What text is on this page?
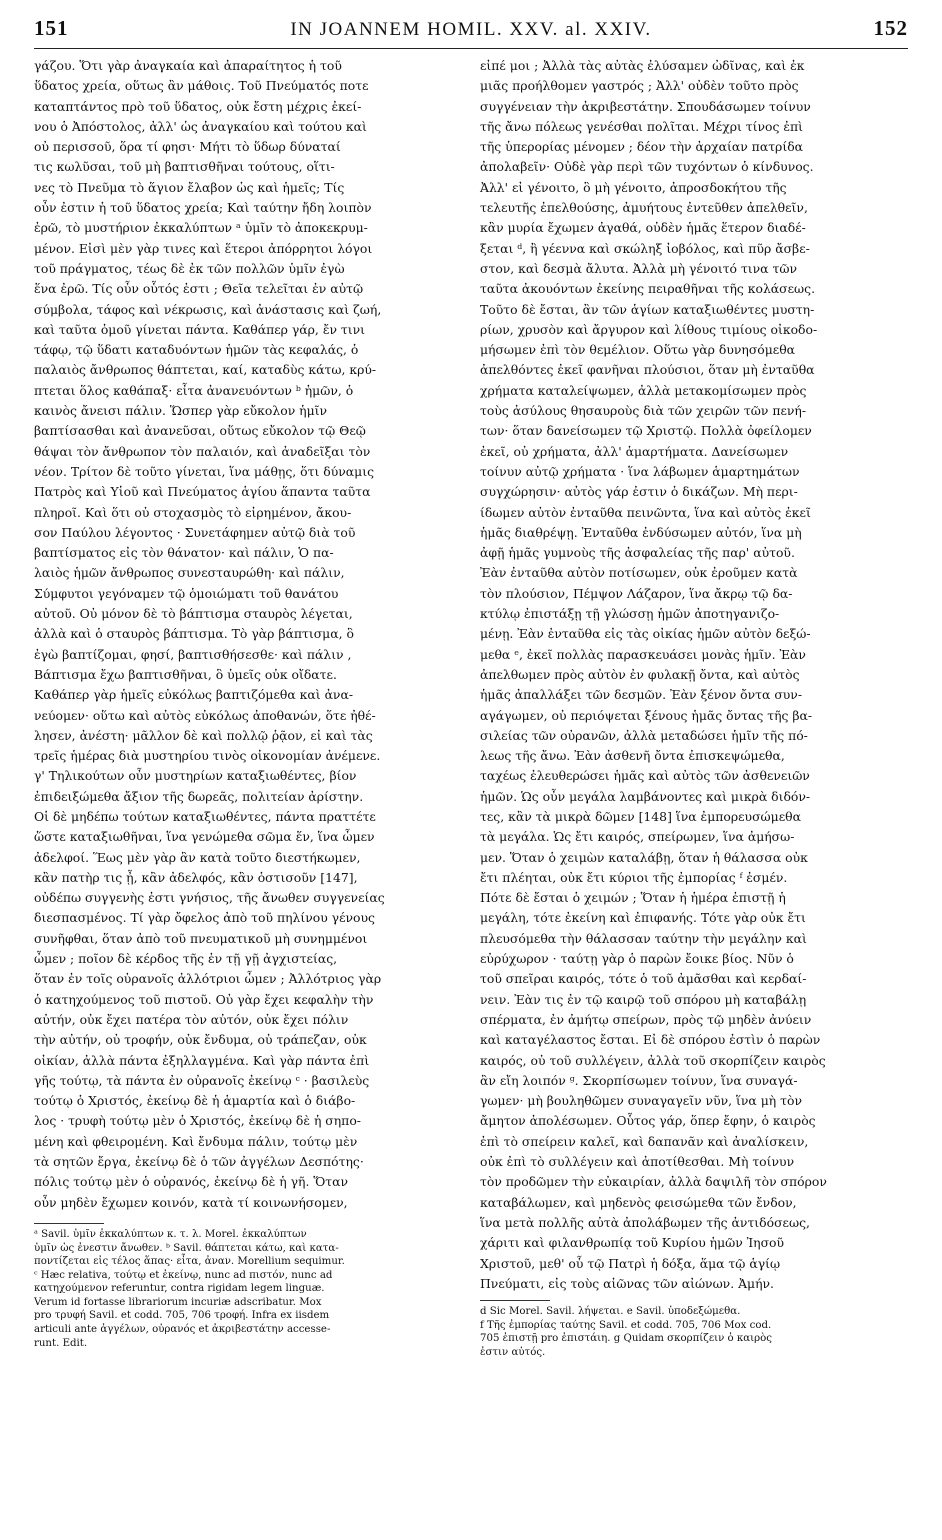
151	IN JOANNEM HOMIL. XXV. al. XXIV.	152

γάζου. Ὅτι γὰρ ἀναγκαία καὶ ἀπαραίτητος ἡ τοῦ
ὕδατος χρεία, οὕτως ἂν μάθοις. Τοῦ Πνεύματός ποτε
καταπτάντος πρὸ τοῦ ὕδατος, οὐκ ἔστη μέχρις ἐκεί-
νου ὁ Ἀπόστολος, ἀλλ' ὡς ἀναγκαίου καὶ τούτου καὶ
οὐ περισσοῦ, ὅρα τί φησι· Μήτι τὸ ὕδωρ δύναταί
τις κωλῦσαι, τοῦ μὴ βαπτισθῆναι τούτους, οἵτι-
νες τὸ Πνεῦμα τὸ ἅγιον ἔλαβον ὡς καὶ ἡμεῖς; Τίς
οὖν ἐστιν ἡ τοῦ ὕδατος χρεία; Καὶ ταύτην ἤδη λοιπὸν
ἐρῶ, τὸ μυστήριον ἐκκαλύπτων ᵃ ὑμῖν τὸ ἀποκεκρυμ-
μένον. Εἰσὶ μὲν γὰρ τινες καὶ ἕτεροι ἀπόρρητοι λόγοι
τοῦ πράγματος, τέως δὲ ἐκ τῶν πολλῶν ὑμῖν ἐγὼ
ἕνα ἐρῶ. Τίς οὖν οὗτός ἐστι ; Θεῖα τελεῖται ἐν αὐτῷ
σύμβολα, τάφος καὶ νέκρωσις, καὶ ἀνάστασις καὶ ζωή,
καὶ ταῦτα ὁμοῦ γίνεται πάντα. Καθάπερ γάρ, ἔν τινι
τάφῳ, τῷ ὕδατι καταδυόντων ἡμῶν τὰς κεφαλάς, ὁ
παλαιὸς ἄνθρωπος θάπτεται, καί, καταδὺς κάτω, κρύ-
πτεται ὅλος καθάπαξ· εἶτα ἀνανευόντων ᵇ ἡμῶν, ὁ
καινὸς ἄνεισι πάλιν. Ὥσπερ γὰρ εὔκολον ἡμῖν
βαπτίσασθαι καὶ ἀνανεῦσαι, οὕτως εὔκολον τῷ Θεῷ
θάψαι τὸν ἄνθρωπον τὸν παλαιόν, καὶ ἀναδεῖξαι τὸν
νέον. Τρίτον δὲ τοῦτο γίνεται, ἵνα μάθῃς, ὅτι δύναμις
Πατρὸς καὶ Υἱοῦ καὶ Πνεύματος ἁγίου ἅπαντα ταῦτα
πληροῖ. Καὶ ὅτι οὐ στοχασμὸς τὸ εἰρημένον, ἄκου-
σον Παύλου λέγοντος · Συνετάφημεν αὐτῷ διὰ τοῦ
βαπτίσματος εἰς τὸν θάνατον· καὶ πάλιν, Ὁ πα-
λαιὸς ἡμῶν ἄνθρωπος συνεσταυρώθη· καὶ πάλιν,
Σύμφυτοι γεγόναμεν τῷ ὁμοιώματι τοῦ θανάτου
αὐτοῦ. Οὐ μόνον δὲ τὸ βάπτισμα σταυρὸς λέγεται,
ἀλλὰ καὶ ὁ σταυρὸς βάπτισμα. Τὸ γὰρ βάπτισμα, ὃ
ἐγὼ βαπτίζομαι, φησί, βαπτισθήσεσθε· καὶ πάλιν ,
Βάπτισμα ἔχω βαπτισθῆναι, ὃ ὑμεῖς οὐκ οἴδατε.
Καθάπερ γὰρ ἡμεῖς εὐκόλως βαπτιζόμεθα καὶ ἀνα-
νεύομεν· οὕτω καὶ αὐτὸς εὐκόλως ἀποθανών, ὅτε ἠθέ-
λησεν, ἀνέστη· μᾶλλον δὲ καὶ πολλῷ ῥᾷον, εἰ καὶ τὰς
τρεῖς ἡμέρας διὰ μυστηρίου τινὸς οἰκονομίαν ἀνέμενε.
γ' Τηλικούτων οὖν μυστηρίων καταξιωθέντες, βίον
ἐπιδειξώμεθα ἄξιον τῆς δωρεᾶς, πολιτείαν ἀρίστην.
Οἱ δὲ μηδέπω τούτων καταξιωθέντες, πάντα πραττέτε
ὥστε καταξιωθῆναι, ἵνα γενώμεθα σῶμα ἕν, ἵνα ὦμεν
ἀδελφοί. Ἕως μὲν γὰρ ἂν κατὰ τοῦτο διεστήκωμεν,
κἂν πατὴρ τις ᾖ, κἂν ἀδελφός, κἂν ὁστισοῦν [147],
οὐδέπω συγγενὴς ἐστι γνήσιος, τῆς ἄνωθεν συγγενείας
διεσπασμένος. Τί γὰρ ὄφελος ἀπὸ τοῦ πηλίνου γένους
συνῆφθαι, ὅταν ἀπὸ τοῦ πνευματικοῦ μὴ συνημμένοι
ὦμεν ; ποῖον δὲ κέρδος τῆς ἐν τῇ γῇ ἀγχιστείας,
ὅταν ἐν τοῖς οὐρανοῖς ἀλλότριοι ὦμεν ; Ἀλλότριος γὰρ
ὁ κατηχούμενος τοῦ πιστοῦ. Οὐ γὰρ ἔχει κεφαλὴν τὴν
αὐτήν, οὐκ ἔχει πατέρα τὸν αὐτόν, οὐκ ἔχει πόλιν
τὴν αὐτήν, οὐ τροφήν, οὐκ ἔνδυμα, οὐ τράπεζαν, οὐκ
οἰκίαν, ἀλλὰ πάντα ἐξηλλαγμένα. Καὶ γὰρ πάντα ἐπὶ
γῆς τούτῳ, τὰ πάντα ἐν οὐρανοῖς ἐκείνῳ ᶜ · βασιλεὺς
τούτῳ ὁ Χριστός, ἐκείνῳ δὲ ἡ ἁμαρτία καὶ ὁ διάβο-
λος · τρυφὴ τούτῳ μὲν ὁ Χριστός, ἐκείνῳ δὲ ἡ σηπο-
μένη καὶ φθειρομένη. Καὶ ἔνδυμα πάλιν, τούτῳ μὲν
τὰ σητῶν ἔργα, ἐκείνῳ δὲ ὁ τῶν ἀγγέλων Δεσπότης·
πόλις τούτῳ μὲν ὁ οὐρανός, ἐκείνῳ δὲ ἡ γῆ. Ὅταν
οὖν μηδὲν ἔχωμεν κοινόν, κατὰ τί κοινωνήσομεν,

ᵃ Savil. ὑμῖν ἐκκαλύπτων κ. τ. λ. Morel. ἐκκαλύπτων
ὑμῖν ὡς ἐνεστιν ἄνωθεν. ᵇ Savil. θάπτεται κάτω, καὶ κατα-
ποντίζεται εἰς τέλος ἅπας· εἶτα, ἀναν. Morellium sequimur.
ᶜ Hæc relativa, τούτῳ et ἐκείνῳ, nunc ad πιστόν, nunc ad
κατηχούμενον referuntur, contra rigidam legem linguæ.
Verum id fortasse librariorum incuriæ adscribatur. Mox
pro τρυφή Savil. et codd. 705, 706 τροφή. Infra ex iisdem
articuli ante ἀγγέλων, οὐρανός et ἀκριβεστάτην accesse-
runt. Edit.

εἰπέ μοι ; Ἀλλὰ τὰς αὐτὰς ἐλύσαμεν ὠδῖνας, καὶ ἐκ
μιᾶς προήλθομεν γαστρός ; Ἀλλ' οὐδὲν τοῦτο πρὸς
συγγένειαν τὴν ἀκριβεστάτην. Σπουδάσωμεν τοίνυν
τῆς ἄνω πόλεως γενέσθαι πολῖται. Μέχρι τίνος ἐπὶ
τῆς ὑπερορίας μένομεν ; δέον τὴν ἀρχαίαν πατρίδα
ἀπολαβεῖν· Οὐδὲ γὰρ περὶ τῶν τυχόντων ὁ κίνδυνος.
Ἀλλ' εἰ γένοιτο, ὃ μὴ γένοιτο, ἀπροσδοκήτου τῆς
τελευτῆς ἐπελθούσης, ἀμυήτους ἐντεῦθεν ἀπελθεῖν,
κἂν μυρία ἔχωμεν ἀγαθά, οὐδὲν ἡμᾶς ἕτερον διαδέ-
ξεται ᵈ, ἢ γέεννα καὶ σκώληξ ἰοβόλος, καὶ πῦρ ἄσβε-
στον, καὶ δεσμὰ ἄλυτα. Ἀλλὰ μὴ γένοιτό τινα τῶν
ταῦτα ἀκουόντων ἐκείνης πειραθῆναι τῆς κολάσεως.
Τοῦτο δὲ ἔσται, ἂν τῶν ἁγίων καταξιωθέντες μυστη-
ρίων, χρυσὸν καὶ ἄργυρον καὶ λίθους τιμίους οἰκοδο-
μήσωμεν ἐπὶ τὸν θεμέλιον. Οὕτω γὰρ δυνησόμεθα
ἀπελθόντες ἐκεῖ φανῆναι πλούσιοι, ὅταν μὴ ἐνταῦθα
χρήματα καταλείψωμεν, ἀλλὰ μετακομίσωμεν πρὸς
τοὺς ἀσύλους θησαυροὺς διὰ τῶν χειρῶν τῶν πενή-
των· ὅταν δανείσωμεν τῷ Χριστῷ. Πολλὰ ὀφείλομεν
ἐκεῖ, οὐ χρήματα, ἀλλ' ἁμαρτήματα. Δανείσωμεν
τοίνυν αὐτῷ χρήματα · ἵνα λάβωμεν ἁμαρτημάτων
συγχώρησιν· αὐτὸς γάρ ἐστιν ὁ δικάζων. Μὴ περι-
ίδωμεν αὐτὸν ἐνταῦθα πεινῶντα, ἵνα καὶ αὐτὸς ἐκεῖ
ἡμᾶς διαθρέψῃ. Ἐνταῦθα ἐνδύσωμεν αὐτόν, ἵνα μὴ
ἀφῇ ἡμᾶς γυμνοὺς τῆς ἀσφαλείας τῆς παρ' αὐτοῦ.
Ἐὰν ἐνταῦθα αὐτὸν ποτίσωμεν, οὐκ ἐροῦμεν κατὰ
τὸν πλούσιον, Πέμψον Λάζαρον, ἵνα ἄκρῳ τῷ δα-
κτύλῳ ἐπιστάξῃ τῇ γλώσσῃ ἡμῶν ἀποτηγανιζο-
μένῃ. Ἐὰν ἐνταῦθα εἰς τὰς οἰκίας ἡμῶν αὐτὸν δεξώ-
μεθα ᵉ, ἐκεῖ πολλὰς παρασκευάσει μονὰς ἡμῖν. Ἐὰν
ἀπελθωμεν πρὸς αὐτὸν ἐν φυλακῇ ὄντα, καὶ αὐτὸς
ἡμᾶς ἀπαλλάξει τῶν δεσμῶν. Ἐὰν ξένον ὄντα συν-
αγάγωμεν, οὐ περιόψεται ξένους ἡμᾶς ὄντας τῆς βα-
σιλείας τῶν οὐρανῶν, ἀλλὰ μεταδώσει ἡμῖν τῆς πό-
λεως τῆς ἄνω. Ἐὰν ἀσθενῆ ὄντα ἐπισκεψώμεθα,
ταχέως ἐλευθερώσει ἡμᾶς καὶ αὐτὸς τῶν ἀσθενειῶν
ἡμῶν. Ὡς οὖν μεγάλα λαμβάνοντες καὶ μικρὰ διδόν-
τες, κἂν τὰ μικρὰ δῶμεν [148] ἵνα ἐμπορευσώμεθα
τὰ μεγάλα. Ὡς ἔτι καιρός, σπείρωμεν, ἵνα ἀμήσω-
μεν. Ὅταν ὁ χειμὼν καταλάβῃ, ὅταν ἡ θάλασσα οὐκ
ἔτι πλέηται, οὐκ ἔτι κύριοι τῆς ἐμπορίας ᶠ ἐσμέν.
Πότε δὲ ἔσται ὁ χειμών ; Ὅταν ἡ ἡμέρα ἐπιστῇ ἡ
μεγάλη, τότε ἐκείνη καὶ ἐπιφανής. Τότε γὰρ οὐκ ἔτι
πλευσόμεθα τὴν θάλασσαν ταύτην τὴν μεγάλην καὶ
εὐρύχωρον · ταύτῃ γὰρ ὁ παρὼν ἔοικε βίος. Νῦν ὁ
τοῦ σπεῖραι καιρός, τότε ὁ τοῦ ἀμᾶσθαι καὶ κερδαί-
νειν. Ἐὰν τις ἐν τῷ καιρῷ τοῦ σπόρου μὴ καταβάλῃ
σπέρματα, ἐν ἀμήτῳ σπείρων, πρὸς τῷ μηδὲν ἀνύειν
καὶ καταγέλαστος ἔσται. Εἰ δὲ σπόρου ἐστὶν ὁ παρὼν
καιρός, οὐ τοῦ συλλέγειν, ἀλλὰ τοῦ σκορπίζειν καιρὸς
ἂν εἴη λοιπόν ᵍ. Σκορπίσωμεν τοίνυν, ἵνα συναγά-
γωμεν· μὴ βουληθῶμεν συναγαγεῖν νῦν, ἵνα μὴ τὸν
ἄμητον ἀπολέσωμεν. Οὗτος γάρ, ὅπερ ἔφην, ὁ καιρὸς
ἐπὶ τὸ σπείρειν καλεῖ, καὶ δαπανᾶν καὶ ἀναλίσκειν,
οὐκ ἐπὶ τὸ συλλέγειν καὶ ἀποτίθεσθαι. Μὴ τοίνυν
τὸν προδῶμεν τὴν εὐκαιρίαν, ἀλλὰ δαψιλῆ τὸν σπόρον
καταβάλωμεν, καὶ μηδενὸς φεισώμεθα τῶν ἔνδον,
ἵνα μετὰ πολλῆς αὐτὰ ἀπολάβωμεν τῆς ἀντιδόσεως,
χάριτι καὶ φιλανθρωπίᾳ τοῦ Κυρίου ἡμῶν Ἰησοῦ
Χριστοῦ, μεθ' οὗ τῷ Πατρὶ ἡ δόξα, ἅμα τῷ ἁγίῳ
Πνεύματι, εἰς τοὺς αἰῶνας τῶν αἰώνων. Ἀμήν.

d Sic Morel. Savil. λήψεται. e Savil. ὑποδεξώμεθα.
f Τῆς ἐμπορίας ταύτης Savil. et codd. 705, 706 Mox cod.
705 ἐπιστῇ pro ἐπιστάιη. g Quidam σκορπίζειν ὁ καιρὸς
ἐστιν αὐτός.
